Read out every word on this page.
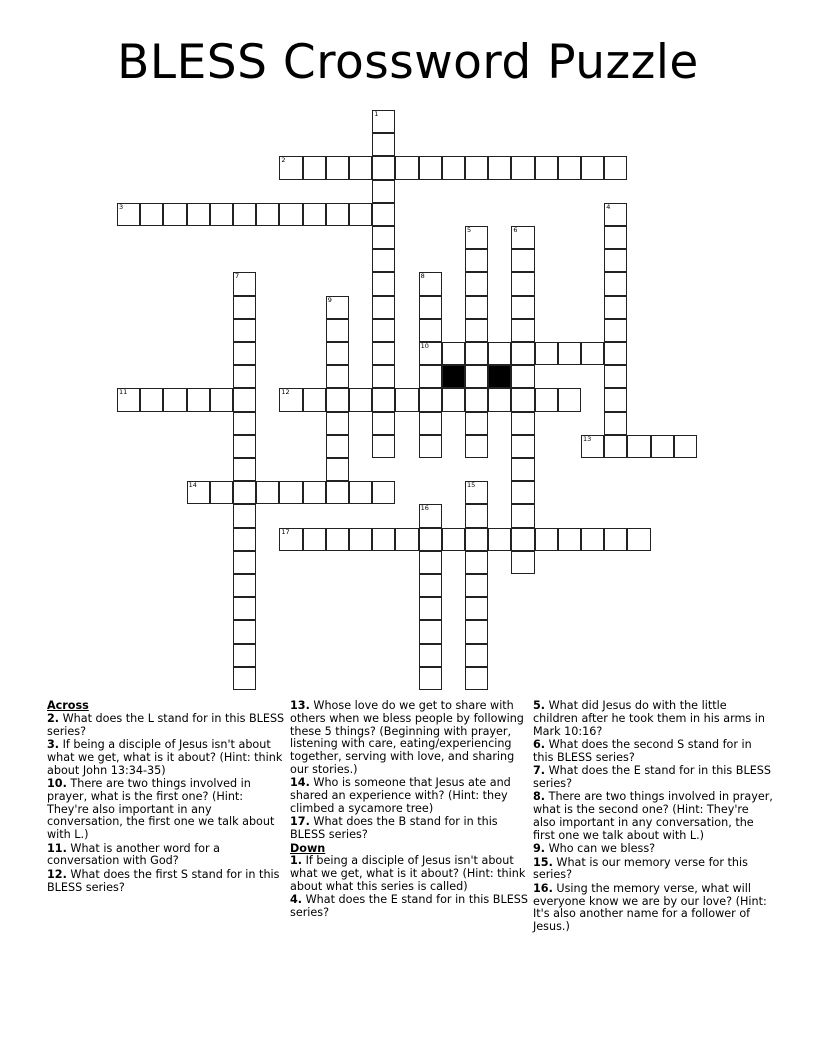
BLESS Crossword Puzzle
2
3
10
11	12
13
14
17
1
4
5	6
7	8
9
15
16
Across
2. What does the L stand for in this BLESS series?
3. If being a disciple of Jesus isn't about what we get, what is it about? (Hint: think about John 13:34-35)
10. There are two things involved in prayer, what is the first one? (Hint: They're also important in any conversation, the first one we talk about with L.)
11. What is another word for a conversation with God?
12. What does the first S stand for in this BLESS series?
13. Whose love do we get to share with others when we bless people by following these 5 things? (Beginning with prayer, listening with care, eating/experiencing together, serving with love, and sharing our stories.)
14. Who is someone that Jesus ate and shared an experience with? (Hint: they climbed a sycamore tree)
17. What does the B stand for in this BLESS series?
Down
1. If being a disciple of Jesus isn't about what we get, what is it about? (Hint: think about what this series is called)
4. What does the E stand for in this BLESS series?
5. What did Jesus do with the little children after he took them in his arms in Mark 10:16?
6. What does the second S stand for in this BLESS series?
7. What does the E stand for in this BLESS series?
8. There are two things involved in prayer, what is the second one? (Hint: They're also important in any conversation, the first one we talk about with L.)
9. Who can we bless?
15. What is our memory verse for this series?
16. Using the memory verse, what will everyone know we are by our love? (Hint: It's also another name for a follower of Jesus.)
